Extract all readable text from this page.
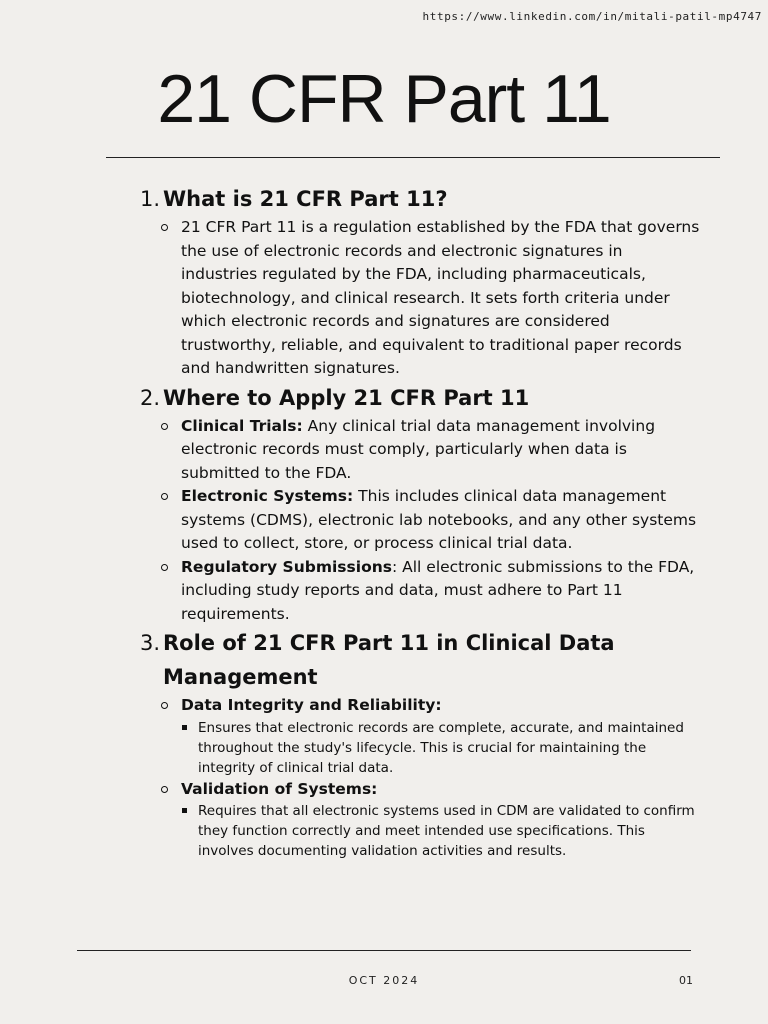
https://www.linkedin.com/in/mitali-patil-mp4747
21 CFR Part 11
1. What is 21 CFR Part 11?
21 CFR Part 11 is a regulation established by the FDA that governs the use of electronic records and electronic signatures in industries regulated by the FDA, including pharmaceuticals, biotechnology, and clinical research. It sets forth criteria under which electronic records and signatures are considered trustworthy, reliable, and equivalent to traditional paper records and handwritten signatures.
2. Where to Apply 21 CFR Part 11
Clinical Trials: Any clinical trial data management involving electronic records must comply, particularly when data is submitted to the FDA.
Electronic Systems: This includes clinical data management systems (CDMS), electronic lab notebooks, and any other systems used to collect, store, or process clinical trial data.
Regulatory Submissions: All electronic submissions to the FDA, including study reports and data, must adhere to Part 11 requirements.
3. Role of 21 CFR Part 11 in Clinical Data Management
Data Integrity and Reliability:
Ensures that electronic records are complete, accurate, and maintained throughout the study's lifecycle. This is crucial for maintaining the integrity of clinical trial data.
Validation of Systems:
Requires that all electronic systems used in CDM are validated to confirm they function correctly and meet intended use specifications. This involves documenting validation activities and results.
OCT 2024	01
